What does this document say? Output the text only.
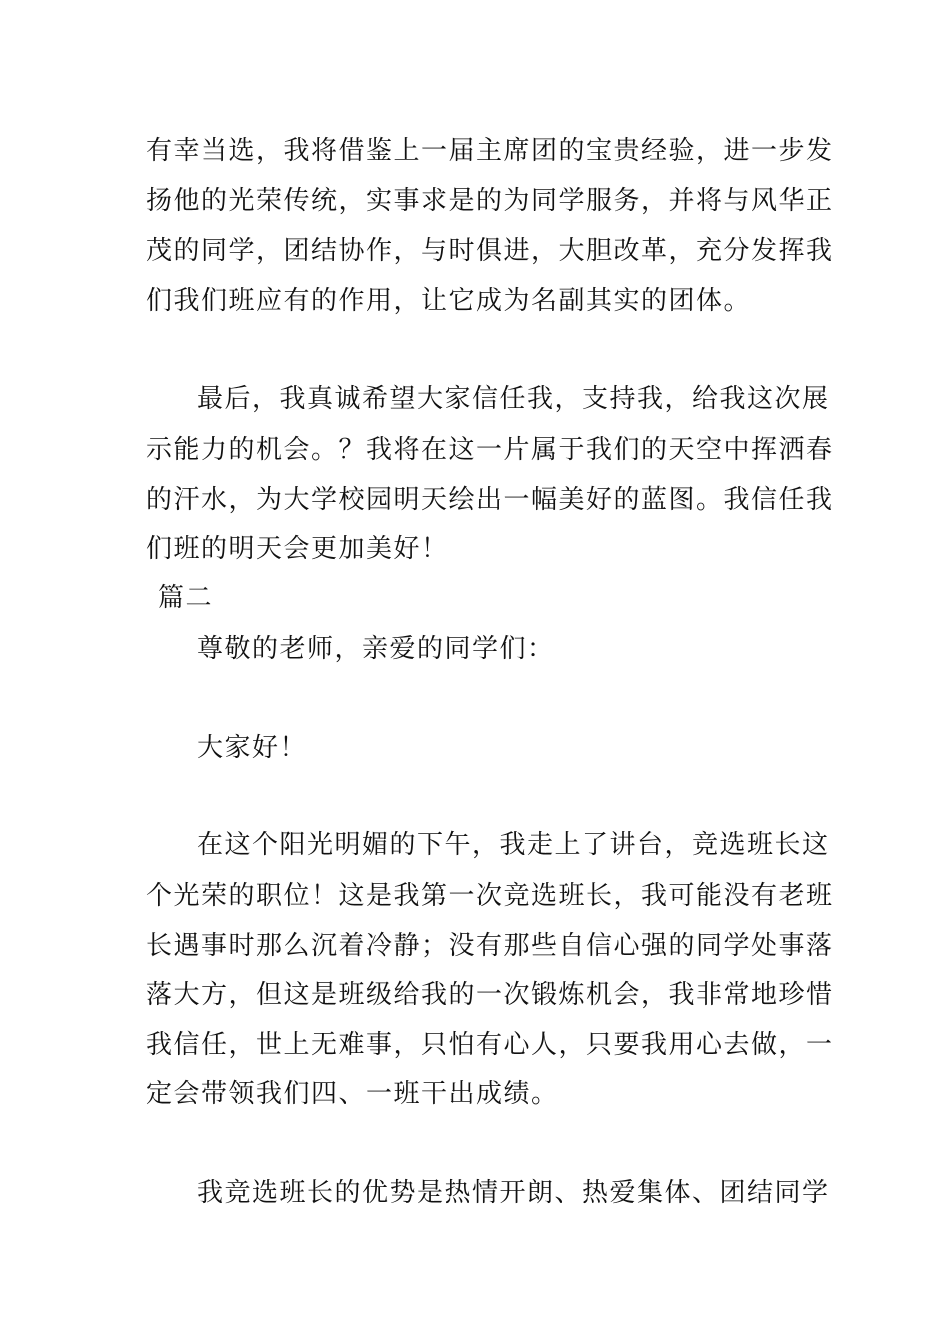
有幸当选，我将借鉴上一届主席团的宝贵经验，进一步发
扬他的光荣传统，实事求是的为同学服务，并将与风华正
茂的同学，团结协作，与时俱进，大胆改革，充分发挥我
们我们班应有的作用，让它成为名副其实的团体。
最后，我真诚希望大家信任我，支持我，给我这次展
示能力的机会。？我将在这一片属于我们的天空中挥洒春
的汗水，为大学校园明天绘出一幅美好的蓝图。我信任我
们班的明天会更加美好！
篇二
尊敬的老师，亲爱的同学们：
大家好！
在这个阳光明媚的下午，我走上了讲台，竞选班长这
个光荣的职位！这是我第一次竞选班长，我可能没有老班
长遇事时那么沉着冷静；没有那些自信心强的同学处事落
落大方，但这是班级给我的一次锻炼机会，我非常地珍惜
我信任，世上无难事，只怕有心人，只要我用心去做，一
定会带领我们四、一班干出成绩。
我竞选班长的优势是热情开朗、热爱集体、团结同学
